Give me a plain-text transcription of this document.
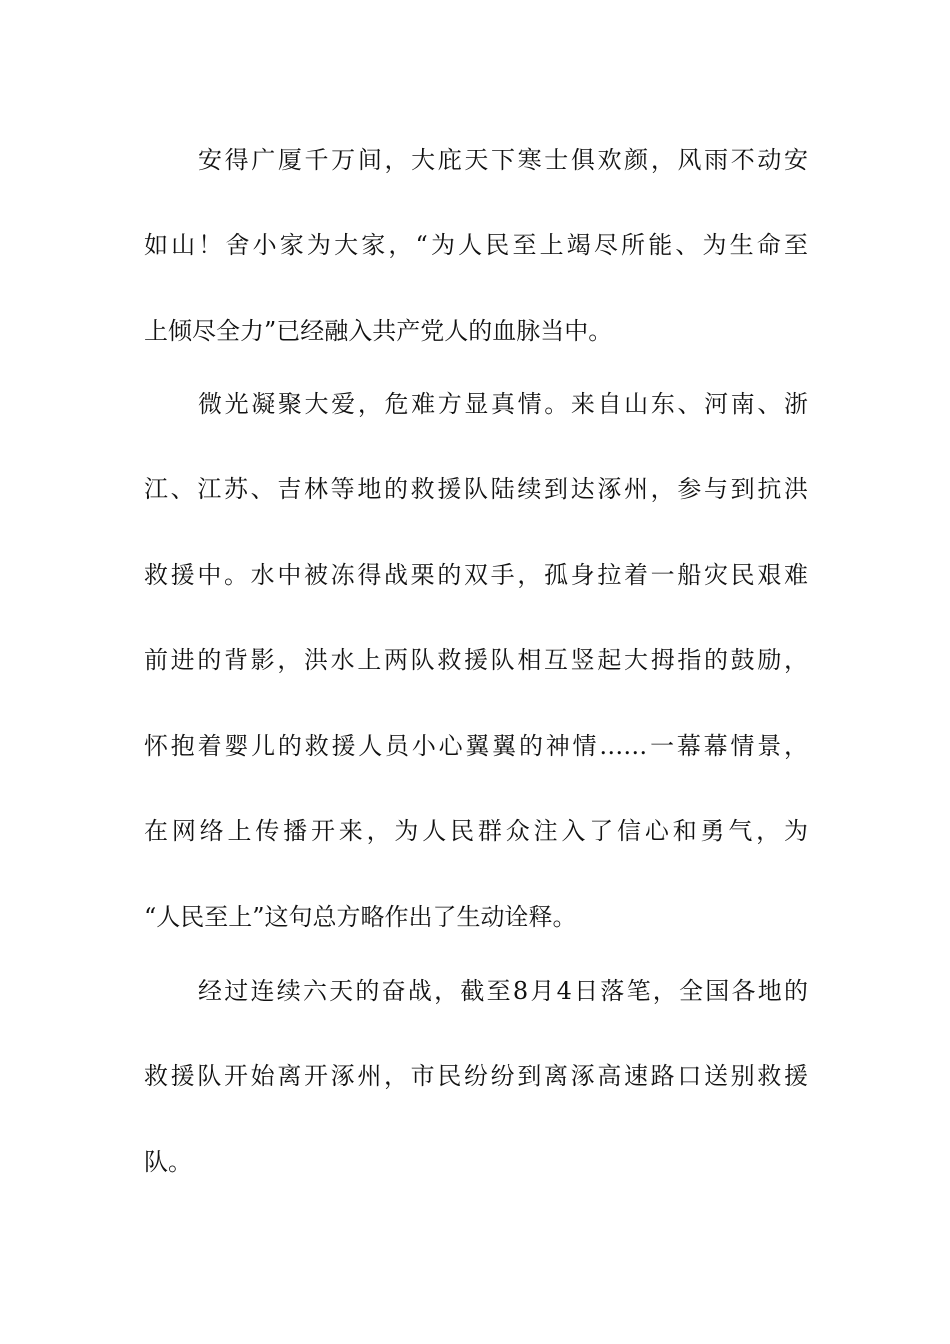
安得广厦千万间，大庇天下寒士俱欢颜，风雨不动安
如山！舍小家为大家，“为人民至上竭尽所能、为生命至
上倾尽全力”已经融入共产党人的血脉当中。
微光凝聚大爱，危难方显真情。来自山东、河南、浙
江、江苏、吉林等地的救援队陆续到达涿州，参与到抗洪
救援中。水中被冻得战栗的双手，孤身拉着一船灾民艰难
前进的背影，洪水上两队救援队相互竖起大拇指的鼓励，
怀抱着婴儿的救援人员小心翼翼的神情……一幕幕情景，
在网络上传播开来，为人民群众注入了信心和勇气，为
“人民至上”这句总方略作出了生动诠释。
经过连续六天的奋战，截至8月4日落笔，全国各地的
救援队开始离开涿州，市民纷纷到离涿高速路口送别救援
队。
